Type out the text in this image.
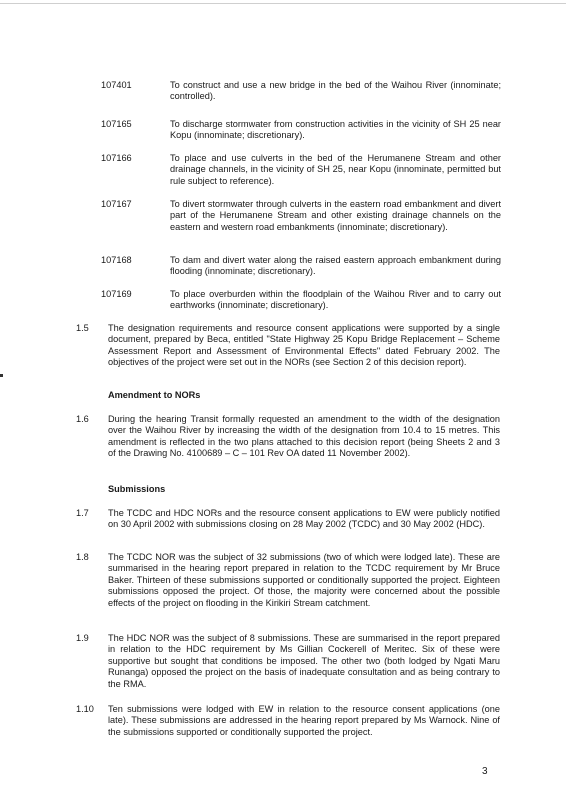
107401	To construct and use a new bridge in the bed of the Waihou River (innominate; controlled).
107165	To discharge stormwater from construction activities in the vicinity of SH 25 near Kopu (innominate; discretionary).
107166	To place and use culverts in the bed of the Herumanene Stream and other drainage channels, in the vicinity of SH 25, near Kopu (innominate, permitted but rule subject to reference).
107167	To divert stormwater through culverts in the eastern road embankment and divert part of the Herumanene Stream and other existing drainage channels on the eastern and western road embankments (innominate; discretionary).
107168	To dam and divert water along the raised eastern approach embankment during flooding (innominate; discretionary).
107169	To place overburden within the floodplain of the Waihou River and to carry out earthworks (innominate; discretionary).
1.5 The designation requirements and resource consent applications were supported by a single document, prepared by Beca, entitled "State Highway 25 Kopu Bridge Replacement – Scheme Assessment Report and Assessment of Environmental Effects" dated February 2002. The objectives of the project were set out in the NORs (see Section 2 of this decision report).
Amendment to NORs
1.6 During the hearing Transit formally requested an amendment to the width of the designation over the Waihou River by increasing the width of the designation from 10.4 to 15 metres. This amendment is reflected in the two plans attached to this decision report (being Sheets 2 and 3 of the Drawing No. 4100689 – C – 101 Rev OA dated 11 November 2002).
Submissions
1.7 The TCDC and HDC NORs and the resource consent applications to EW were publicly notified on 30 April 2002 with submissions closing on 28 May 2002 (TCDC) and 30 May 2002 (HDC).
1.8 The TCDC NOR was the subject of 32 submissions (two of which were lodged late). These are summarised in the hearing report prepared in relation to the TCDC requirement by Mr Bruce Baker. Thirteen of these submissions supported or conditionally supported the project. Eighteen submissions opposed the project. Of those, the majority were concerned about the possible effects of the project on flooding in the Kirikiri Stream catchment.
1.9 The HDC NOR was the subject of 8 submissions. These are summarised in the report prepared in relation to the HDC requirement by Ms Gillian Cockerell of Meritec. Six of these were supportive but sought that conditions be imposed. The other two (both lodged by Ngati Maru Runanga) opposed the project on the basis of inadequate consultation and as being contrary to the RMA.
1.10 Ten submissions were lodged with EW in relation to the resource consent applications (one late). These submissions are addressed in the hearing report prepared by Ms Warnock. Nine of the submissions supported or conditionally supported the project.
3
